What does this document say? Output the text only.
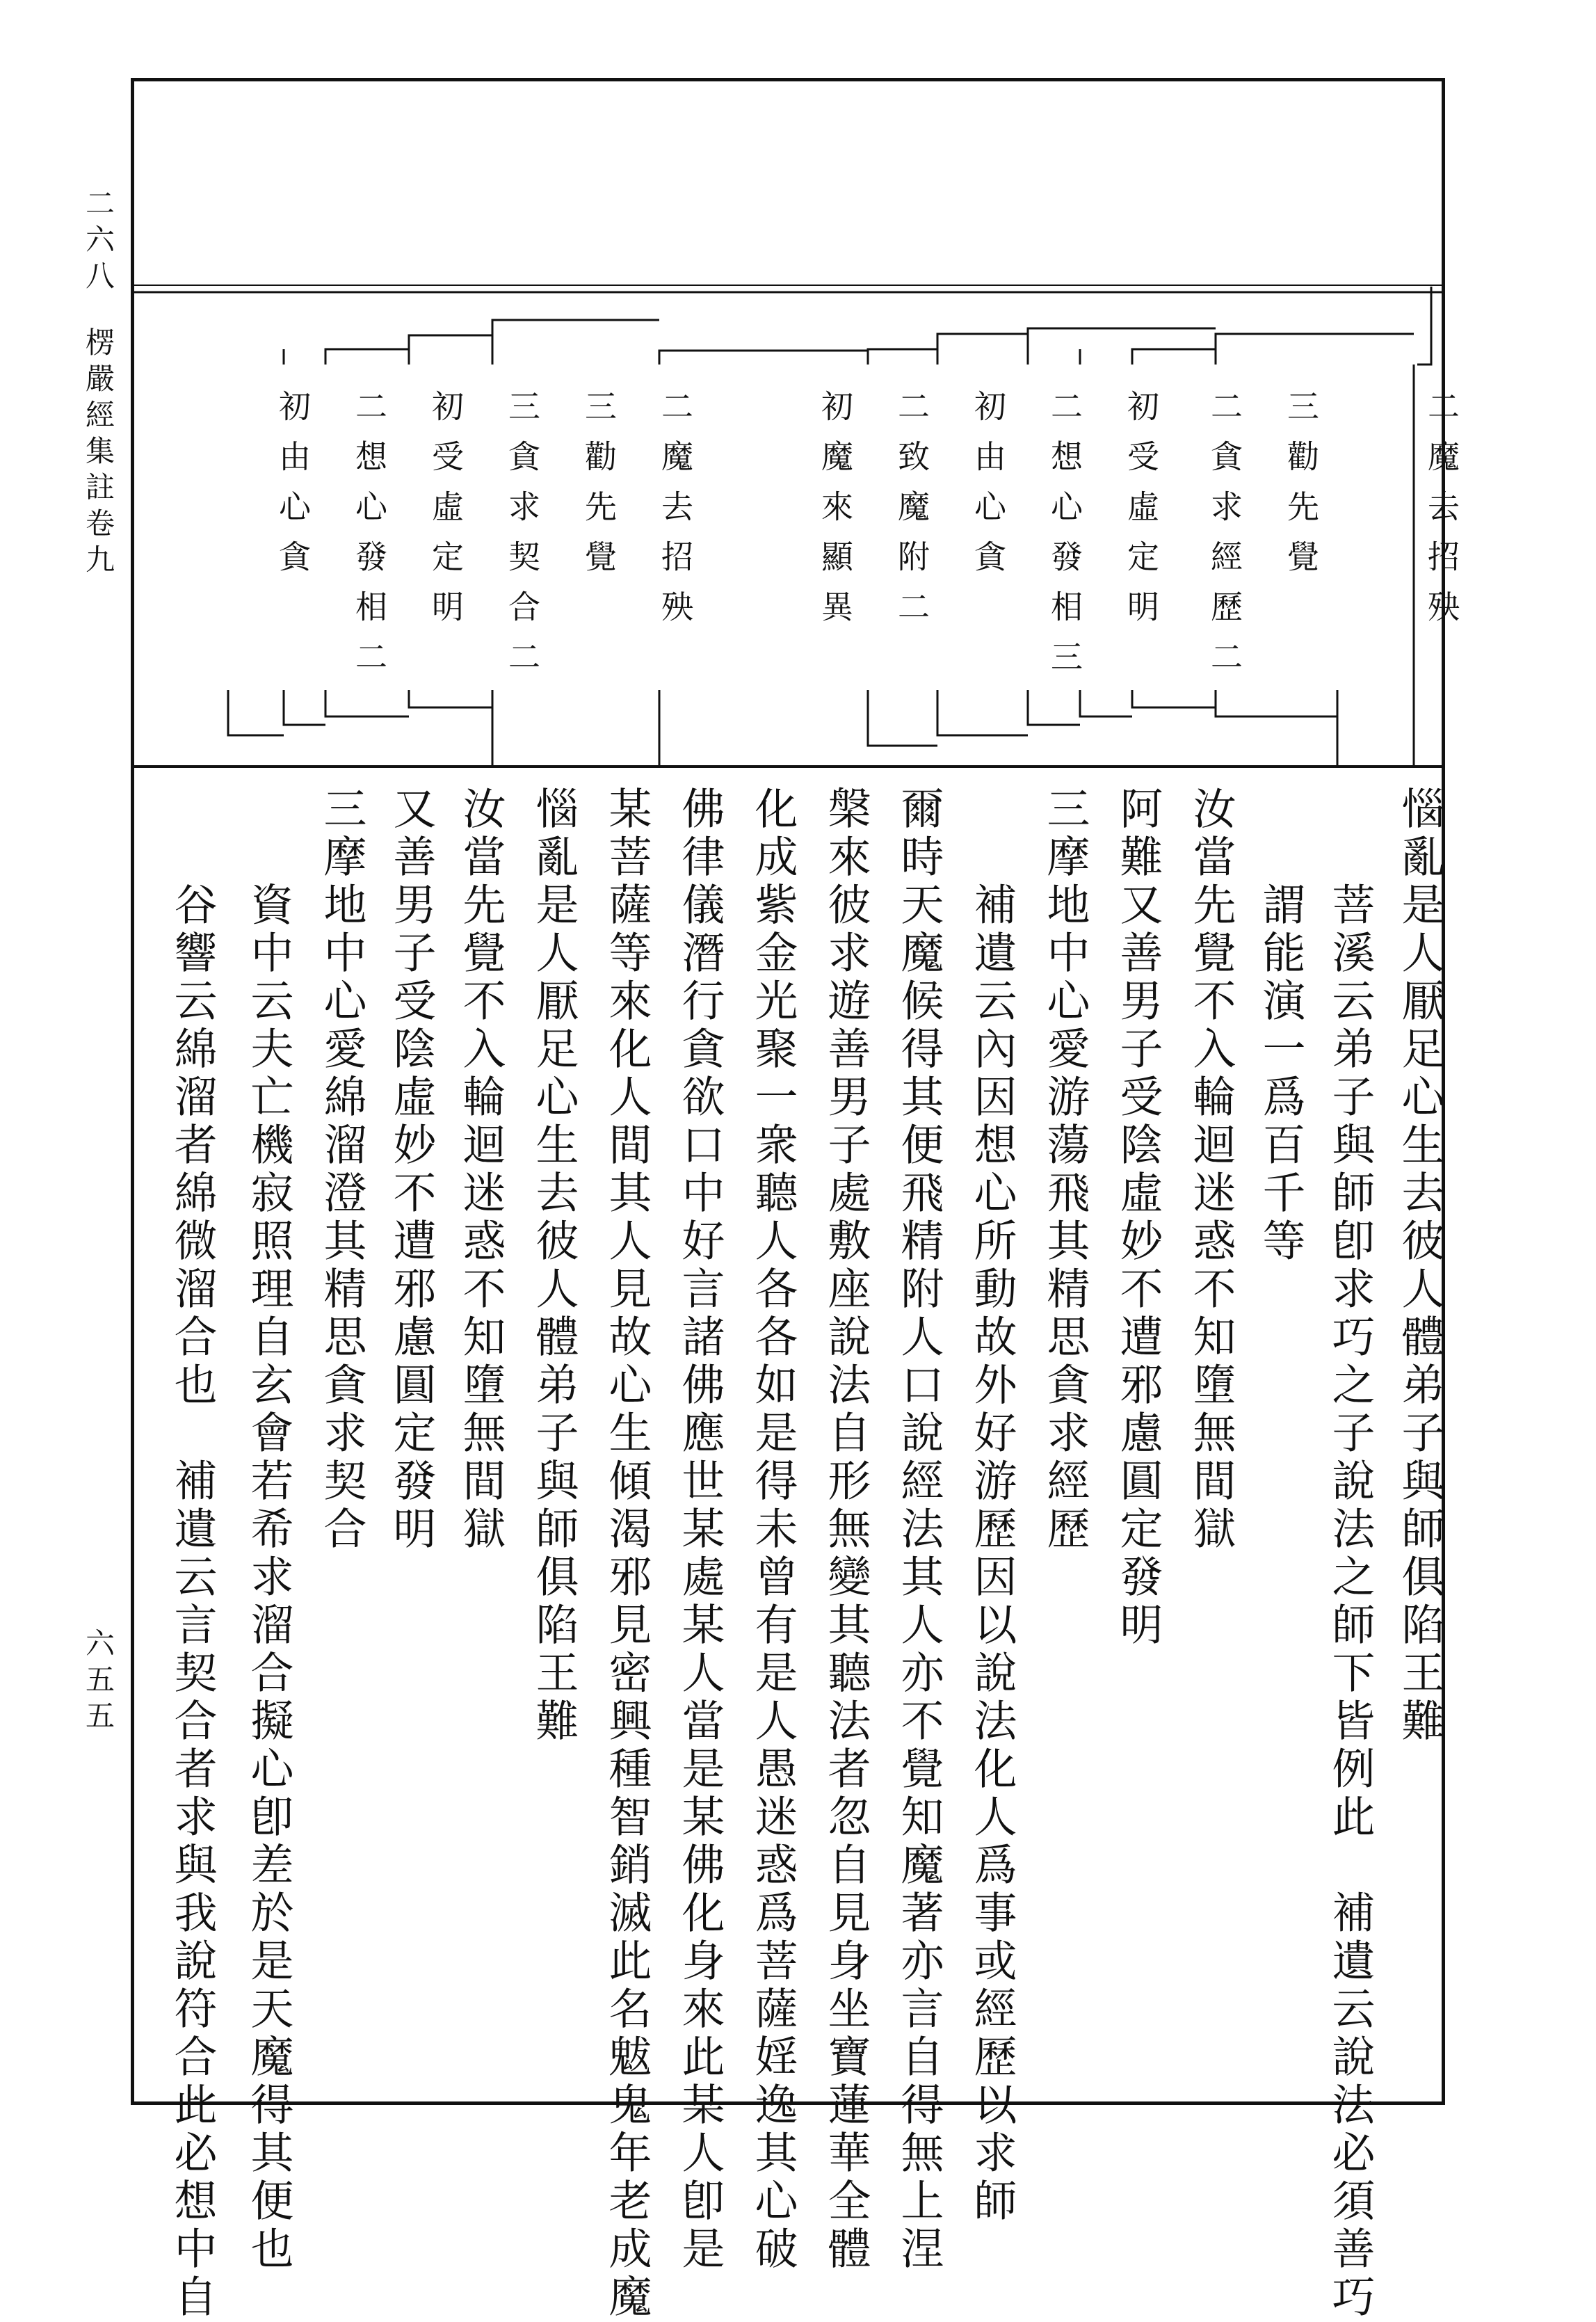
二六八
楞嚴經集註卷九
六五五
二魔去招殃
三勸先覺
二貪求經歷二
初受虛定明
二想心發相三
初由心貪
二致魔附二
初魔來顯異
二魔去招殃
三勸先覺
三貪求契合二
初受虛定明
二想心發相二
初由心貪
惱亂是人厭足心生去彼人體弟子與師俱陷王難
　　菩溪云弟子與師卽求巧之子說法之師下皆例此　補遺云說法必須善巧
　　謂能演一爲百千等
汝當先覺不入輪迴迷惑不知墮無間獄
阿難又善男子受陰虛妙不遭邪慮圓定發明
三摩地中心愛游蕩飛其精思貪求經歷
　　補遺云內因想心所動故外好游歷因以說法化人爲事或經歷以求師
爾時天魔候得其便飛精附人口說經法其人亦不覺知魔著亦言自得無上涅
槃來彼求遊善男子處敷座說法自形無變其聽法者忽自見身坐寶蓮華全體
化成紫金光聚一衆聽人各各如是得未曾有是人愚迷惑爲菩薩婬逸其心破
佛律儀潛行貪欲口中好言諸佛應世某處某人當是某佛化身來此某人卽是
某菩薩等來化人間其人見故心生傾渴邪見密興種智銷滅此名魃鬼年老成魔
惱亂是人厭足心生去彼人體弟子與師俱陷王難
汝當先覺不入輪迴迷惑不知墮無間獄
又善男子受陰虛妙不遭邪慮圓定發明
三摩地中心愛綿溜澄其精思貪求契合
　　資中云夫亡機寂照理自玄會若希求溜合擬心卽差於是天魔得其便也
　　谷響云綿溜者綿微溜合也　補遺云言契合者求與我說符合此必想中自
